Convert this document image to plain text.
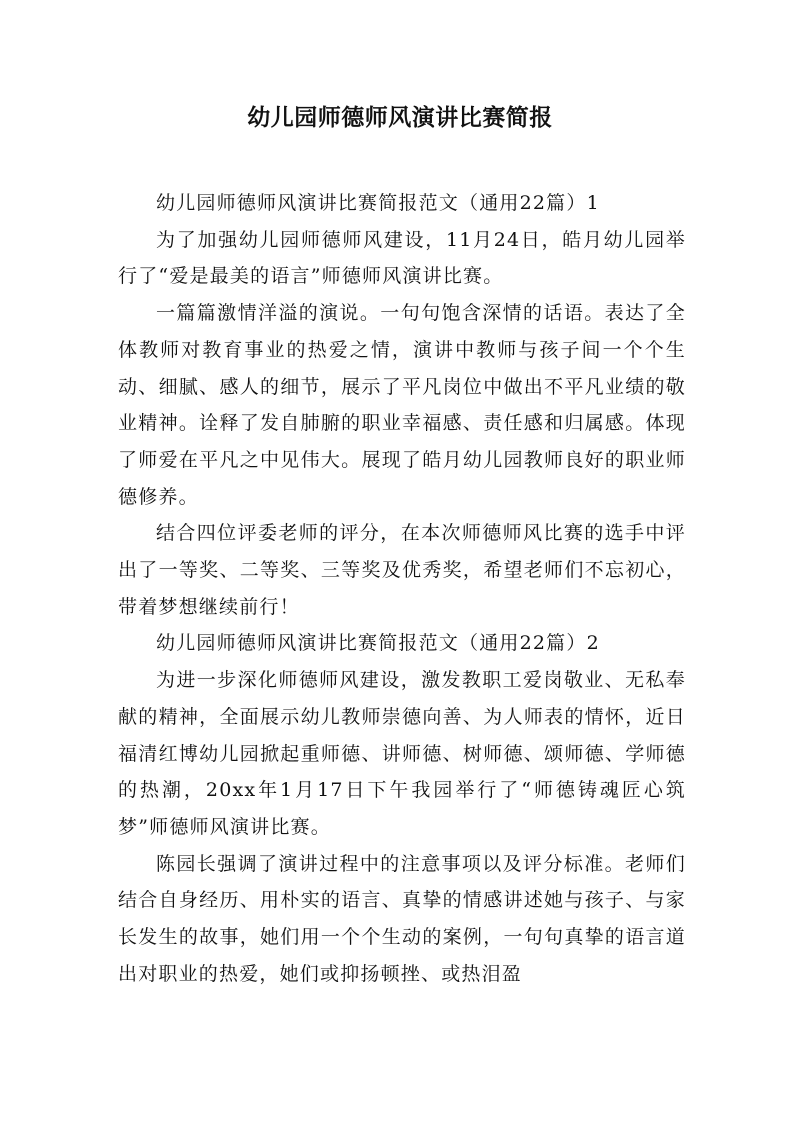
幼儿园师德师风演讲比赛简报

幼儿园师德师风演讲比赛简报范文（通用22篇）1

为了加强幼儿园师德师风建设，11月24日，皓月幼儿园举行了“爱是最美的语言”师德师风演讲比赛。

一篇篇激情洋溢的演说。一句句饱含深情的话语。表达了全体教师对教育事业的热爱之情，演讲中教师与孩子间一个个生动、细腻、感人的细节，展示了平凡岗位中做出不平凡业绩的敬业精神。诠释了发自肺腑的职业幸福感、责任感和归属感。体现了师爱在平凡之中见伟大。展现了皓月幼儿园教师良好的职业师德修养。

结合四位评委老师的评分，在本次师德师风比赛的选手中评出了一等奖、二等奖、三等奖及优秀奖，希望老师们不忘初心，带着梦想继续前行！

幼儿园师德师风演讲比赛简报范文（通用22篇）2

为进一步深化师德师风建设，激发教职工爱岗敬业、无私奉献的精神，全面展示幼儿教师崇德向善、为人师表的情怀，近日福清红博幼儿园掀起重师德、讲师德、树师德、颂师德、学师德的热潮，20xx年1月17日下午我园举行了“师德铸魂匠心筑梦”师德师风演讲比赛。

陈园长强调了演讲过程中的注意事项以及评分标准。老师们结合自身经历、用朴实的语言、真挚的情感讲述她与孩子、与家长发生的故事，她们用一个个生动的案例，一句句真挚的语言道出对职业的热爱，她们或抑扬顿挫、或热泪盈
